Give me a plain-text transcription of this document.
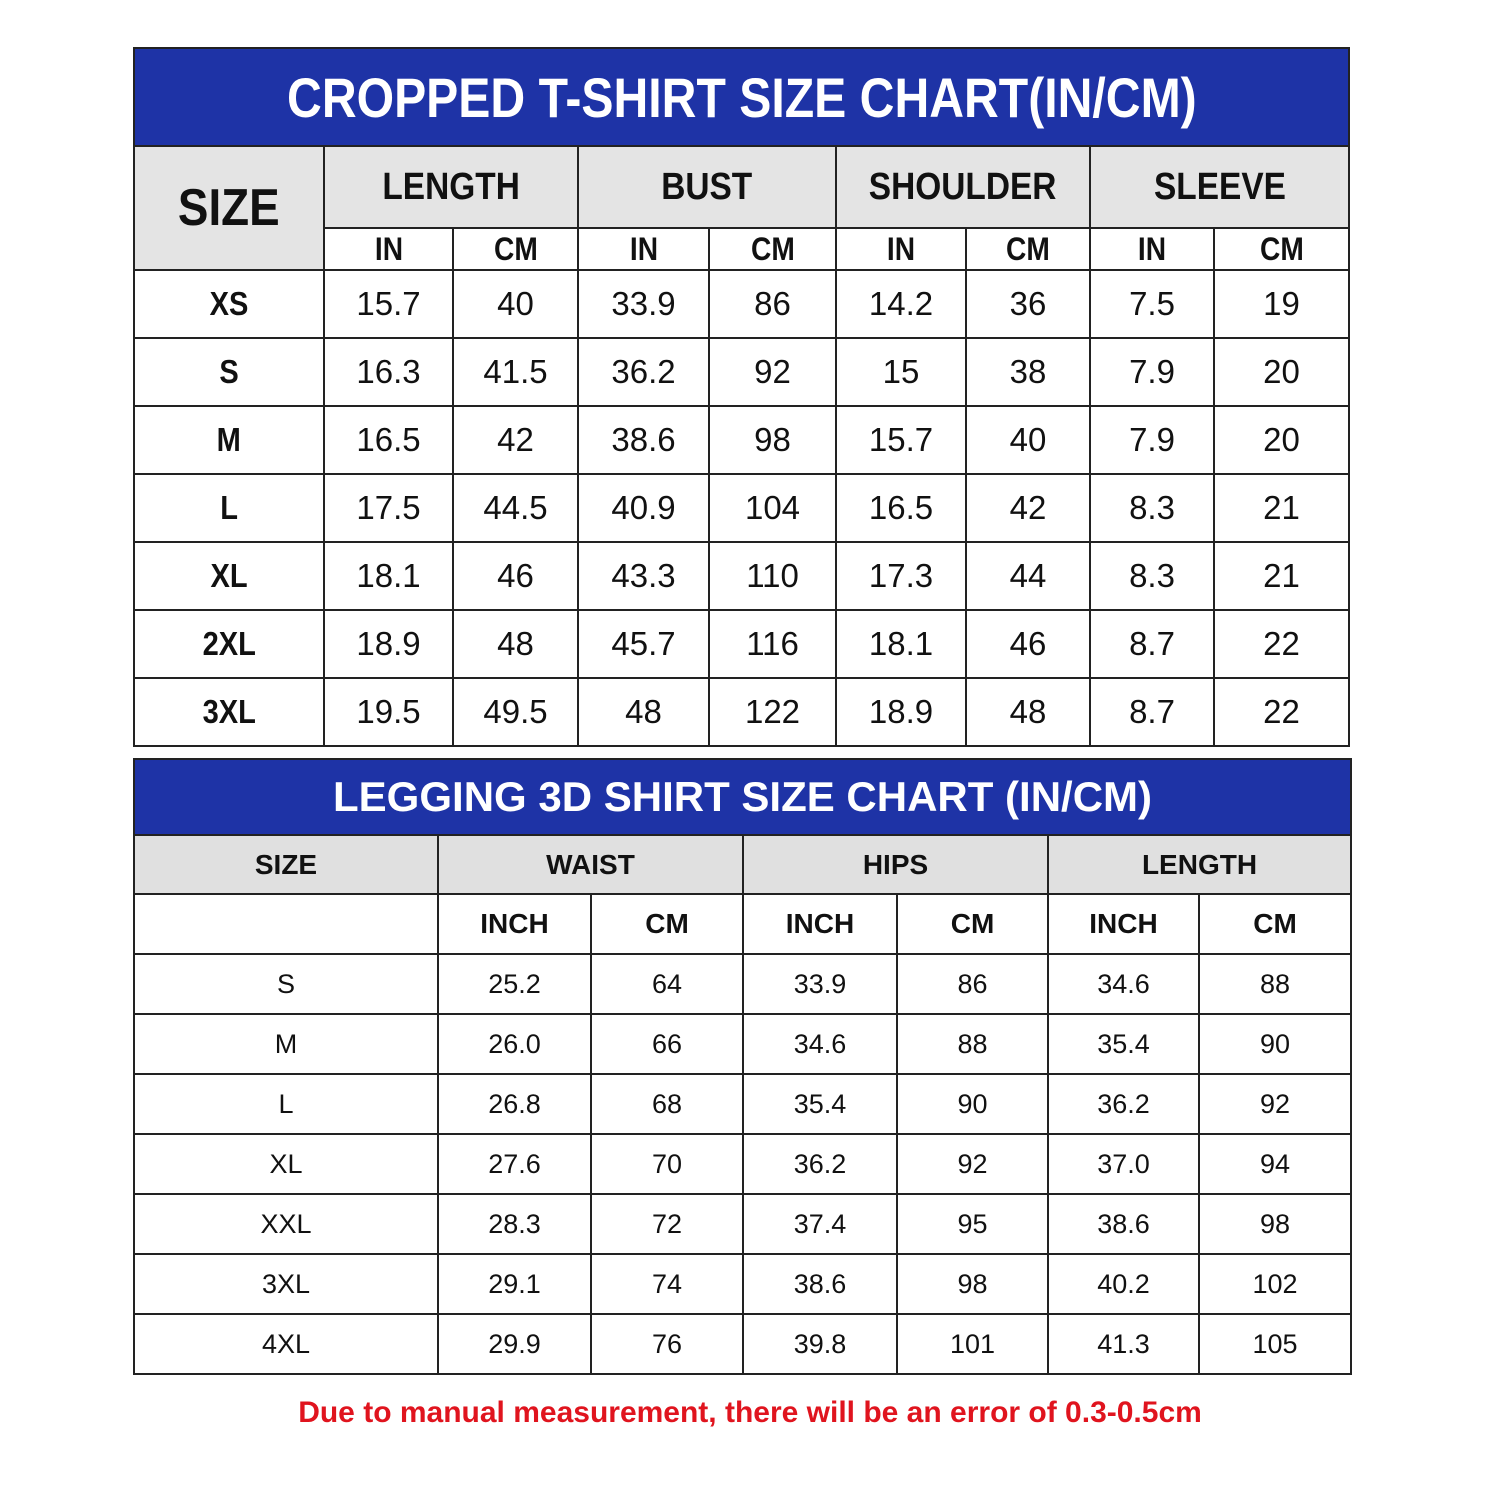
CROPPED T-SHIRT SIZE CHART(IN/CM)								
SIZE	LENGTH		BUST		SHOULDER		SLEEVE	
	IN	CM	IN	CM	IN	CM	IN	CM
XS	15.7	40	33.9	86	14.2	36	7.5	19
S	16.3	41.5	36.2	92	15	38	7.9	20
M	16.5	42	38.6	98	15.7	40	7.9	20
L	17.5	44.5	40.9	104	16.5	42	8.3	21
XL	18.1	46	43.3	110	17.3	44	8.3	21
2XL	18.9	48	45.7	116	18.1	46	8.7	22
3XL	19.5	49.5	48	122	18.9	48	8.7	22
LEGGING 3D SHIRT SIZE CHART (IN/CM)						
SIZE	WAIST		HIPS		LENGTH	
	INCH	CM	INCH	CM	INCH	CM
S	25.2	64	33.9	86	34.6	88
M	26.0	66	34.6	88	35.4	90
L	26.8	68	35.4	90	36.2	92
XL	27.6	70	36.2	92	37.0	94
XXL	28.3	72	37.4	95	38.6	98
3XL	29.1	74	38.6	98	40.2	102
4XL	29.9	76	39.8	101	41.3	105
Due to manual measurement, there will be an error of 0.3-0.5cm
